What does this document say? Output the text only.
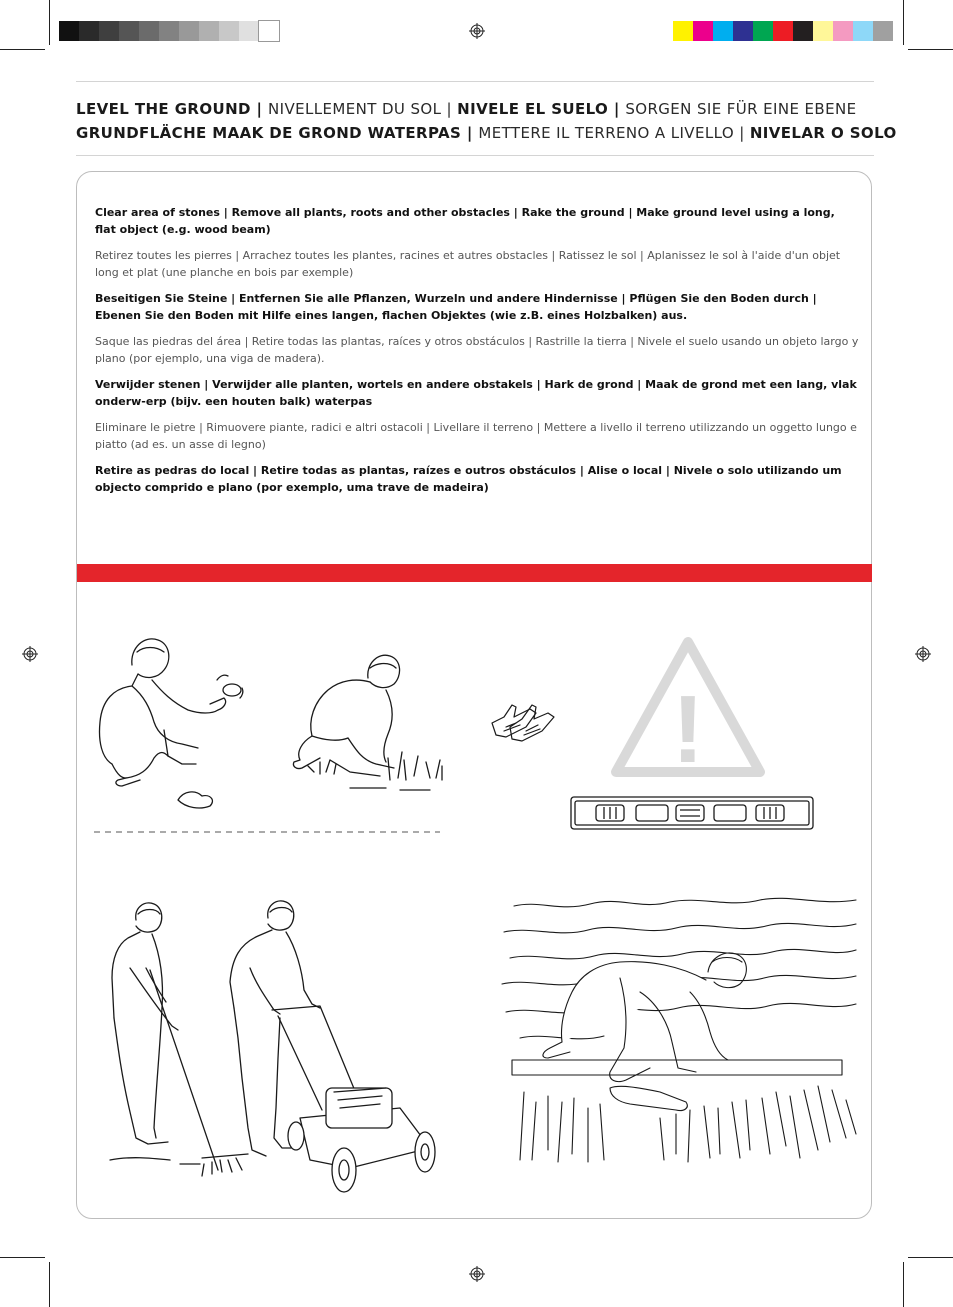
LEVEL THE GROUND | NIVELLEMENT DU SOL | NIVELE EL SUELO | SORGEN SIE FÜR EINE EBENE
GRUNDFLÄCHE MAAK DE GROND WATERPAS | METTERE IL TERRENO A LIVELLO | NIVELAR O SOLO
Clear area of stones | Remove all plants, roots and other obstacles | Rake the ground | Make ground level using a long, flat object (e.g. wood beam)
Retirez toutes les pierres | Arrachez toutes les plantes, racines et autres obstacles | Ratissez le sol | Aplanissez le sol à l'aide d'un objet long et plat (une planche en bois par exemple)
Beseitigen Sie Steine | Entfernen Sie alle Pflanzen, Wurzeln und andere Hindernisse | Pflügen Sie den Boden durch | Ebenen Sie den Boden mit Hilfe eines langen, flachen Objektes (wie z.B. eines Holzbalken) aus.
Saque las piedras del área | Retire todas las plantas, raíces y otros obstáculos | Rastrille la tierra | Nivele el suelo usando un objeto largo y plano (por ejemplo, una viga de madera).
Verwijder stenen | Verwijder alle planten, wortels en andere obstakels | Hark de grond | Maak de grond met een lang, vlak onderw-erp (bijv. een houten balk) waterpas
Eliminare le pietre | Rimuovere piante, radici e altri ostacoli | Livellare il terreno | Mettere a livello il terreno utilizzando un oggetto lungo e piatto (ad es. un asse di legno)
Retire as pedras do local | Retire todas as plantas, raízes e outros obstáculos | Alise o local | Nivele o solo utilizando um objecto comprido e plano (por exemplo, uma trave de madeira)
!
